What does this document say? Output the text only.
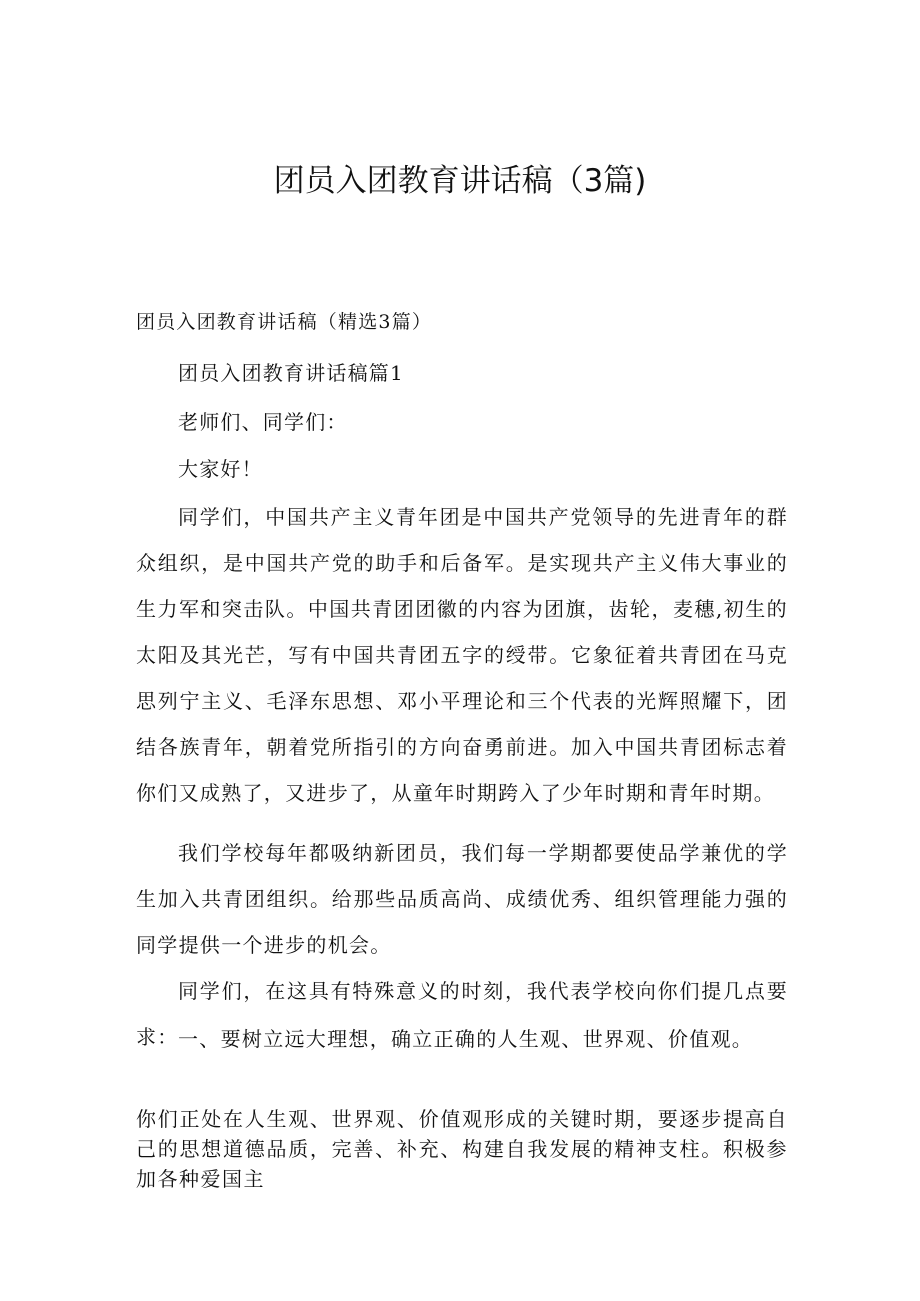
团员入团教育讲话稿（3篇)
团员入团教育讲话稿（精选3篇）
团员入团教育讲话稿篇1
老师们、同学们：
大家好！
同学们，中国共产主义青年团是中国共产党领导的先进青年的群众组织，是中国共产党的助手和后备军。是实现共产主义伟大事业的生力军和突击队。中国共青团团徽的内容为团旗，齿轮，麦穗,初生的太阳及其光芒，写有中国共青团五字的绶带。它象征着共青团在马克思列宁主义、毛泽东思想、邓小平理论和三个代表的光辉照耀下，团结各族青年，朝着党所指引的方向奋勇前进。加入中国共青团标志着你们又成熟了，又进步了，从童年时期跨入了少年时期和青年时期。
我们学校每年都吸纳新团员，我们每一学期都要使品学兼优的学生加入共青团组织。给那些品质高尚、成绩优秀、组织管理能力强的同学提供一个进步的机会。
同学们，在这具有特殊意义的时刻，我代表学校向你们提几点要求： 一、要树立远大理想，确立正确的人生观、世界观、价值观。
你们正处在人生观、世界观、价值观形成的关键时期，要逐步提高自己的思想道德品质，完善、补充、构建自我发展的精神支柱。积极参加各种爱国主
